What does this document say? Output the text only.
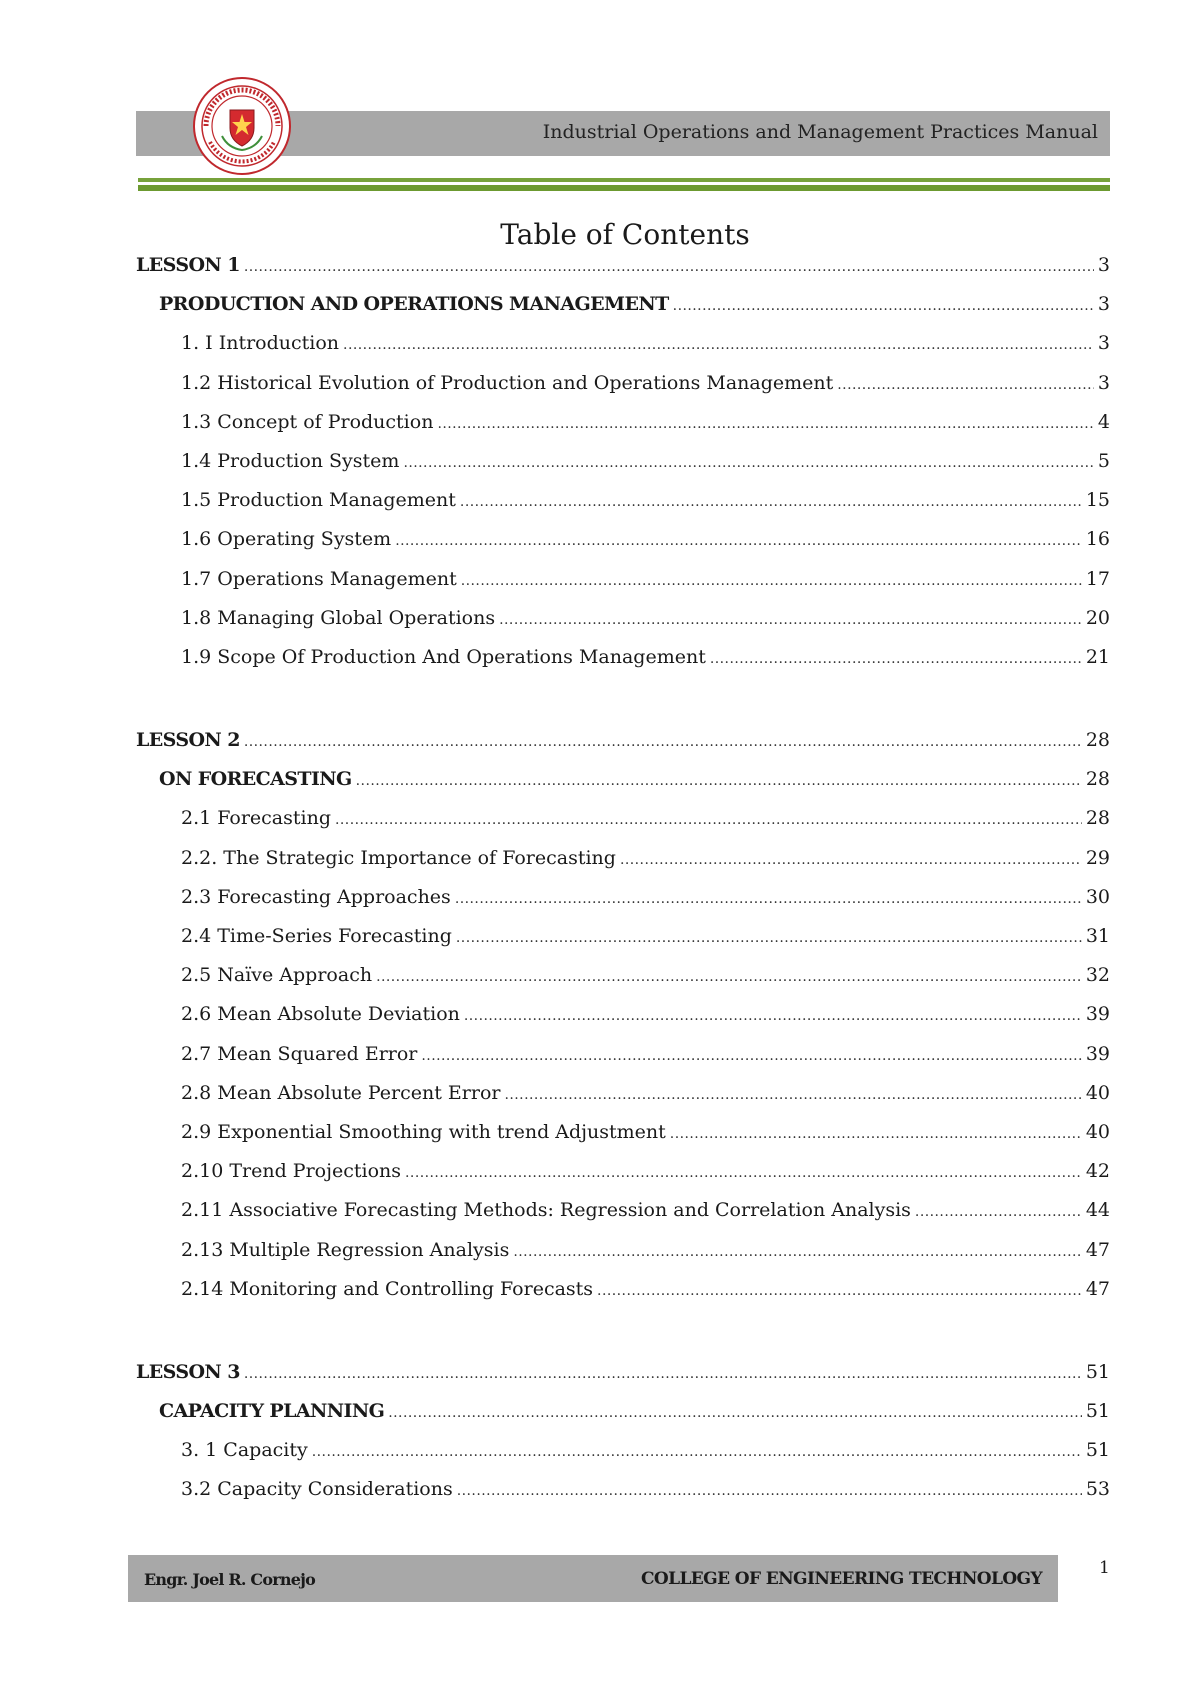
Industrial Operations and Management Practices Manual
Table of Contents
LESSON 1 . . .	3
PRODUCTION AND OPERATIONS MANAGEMENT . . .	3
1. I Introduction . . .	3
1.2 Historical Evolution of Production and Operations Management . . .	3
1.3 Concept of Production . . .	4
1.4 Production System . . .	5
1.5 Production Management . . .	15
1.6 Operating System . . .	16
1.7 Operations Management . . .	17
1.8 Managing Global Operations . . .	20
1.9 Scope Of Production And Operations Management . . .	21
LESSON 2 . . .	28
ON FORECASTING . . .	28
2.1 Forecasting . . .	28
2.2. The Strategic Importance of Forecasting . . .	29
2.3 Forecasting Approaches . . .	30
2.4 Time-Series Forecasting . . .	31
2.5 Naïve Approach . . .	32
2.6 Mean Absolute Deviation . . .	39
2.7 Mean Squared Error . . .	39
2.8 Mean Absolute Percent Error . . .	40
2.9 Exponential Smoothing with trend Adjustment . . .	40
2.10 Trend Projections . . .	42
2.11 Associative Forecasting Methods: Regression and Correlation Analysis . . .	44
2.13 Multiple Regression Analysis . . .	47
2.14 Monitoring and Controlling Forecasts . . .	47
LESSON 3 . . .	51
CAPACITY PLANNING . . .	51
3. 1 Capacity . . .	51
3.2 Capacity Considerations . . .	53
Engr. Joel R. Cornejo	COLLEGE OF ENGINEERING TECHNOLOGY
1
